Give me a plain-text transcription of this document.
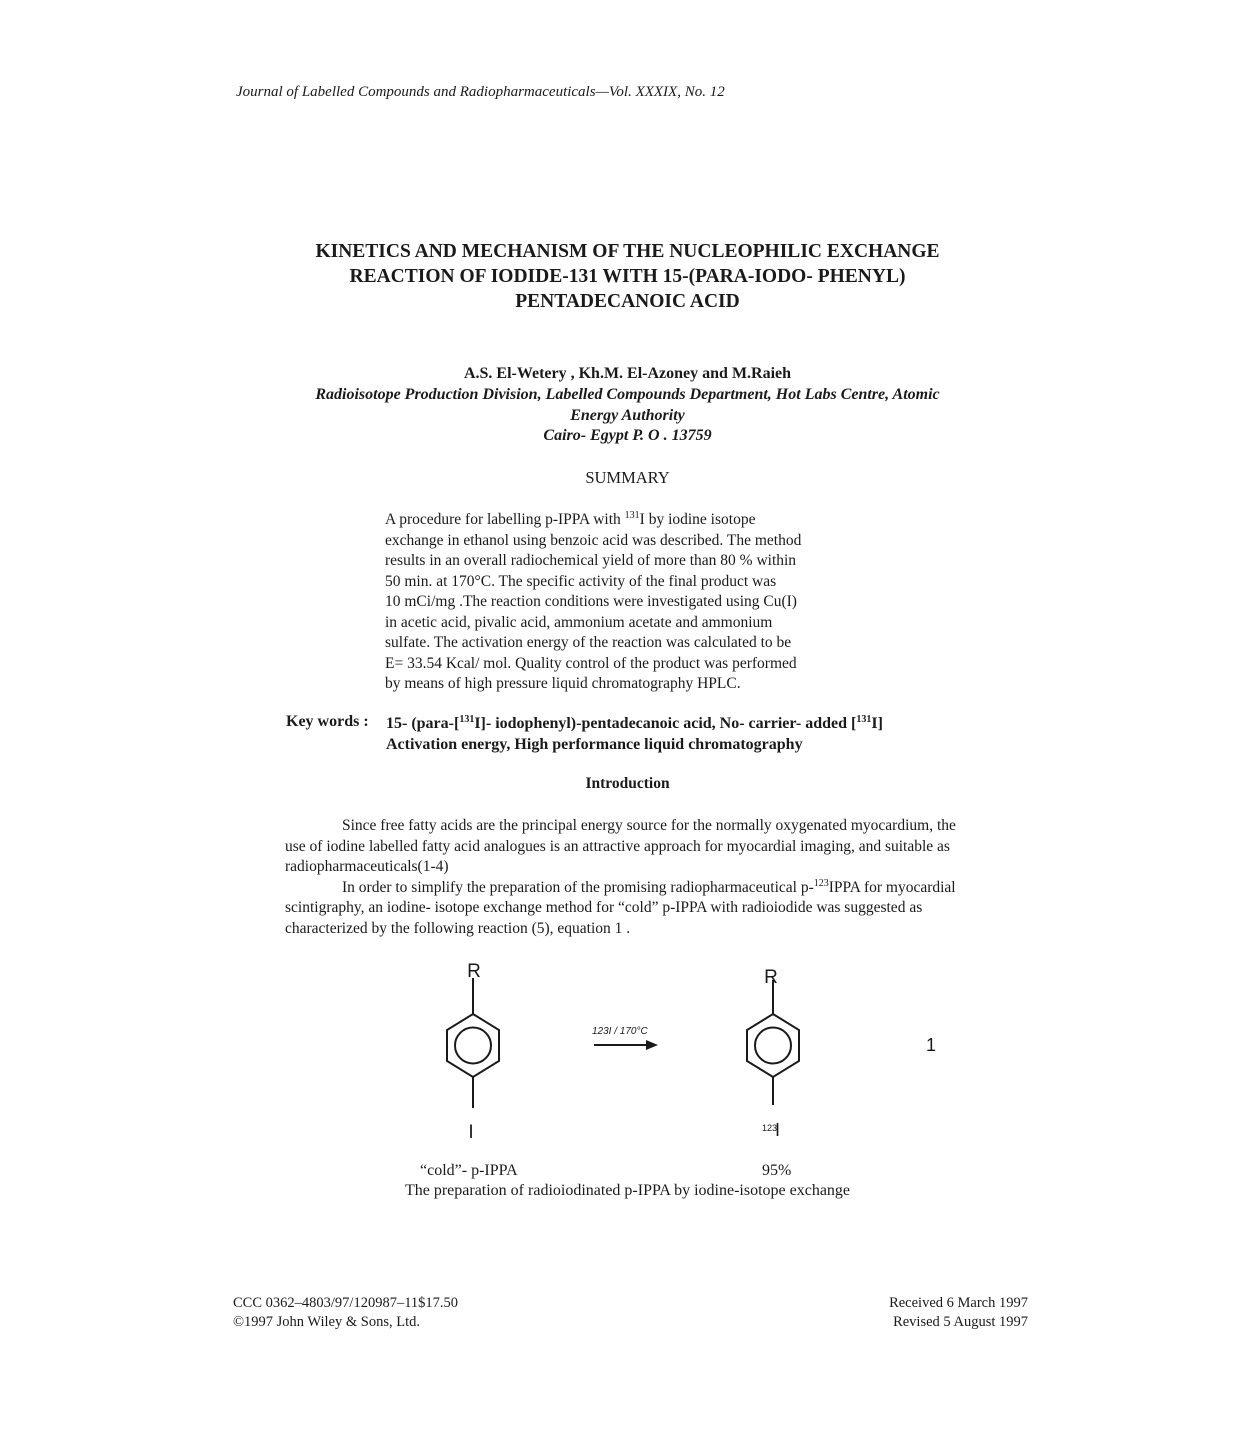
Journal of Labelled Compounds and Radiopharmaceuticals—Vol. XXXIX, No. 12
KINETICS AND MECHANISM OF THE NUCLEOPHILIC EXCHANGE
REACTION OF IODIDE-131 WITH 15-(PARA-IODO- PHENYL)
PENTADECANOIC ACID
A.S. El-Wetery , Kh.M. El-Azoney and M.Raieh
Radioisotope Production Division, Labelled Compounds Department, Hot Labs Centre, Atomic
Energy Authority
Cairo- Egypt P. O . 13759
SUMMARY
A procedure for labelling p-IPPA with $^{131}$I by iodine isotope
exchange in ethanol using benzoic acid was described. The method
results in an overall radiochemical yield of more than 80 % within
50 min. at 170°C. The specific activity of the final product was
10 mCi/mg .The reaction conditions were investigated using Cu(I)
in acetic acid, pivalic acid, ammonium acetate and ammonium
sulfate. The activation energy of the reaction was calculated to be
E= 33.54 Kcal/ mol. Quality control of the product was performed
by means of high pressure liquid chromatography HPLC.
Key words : 15- (para-[$^{131}$I]- iodophenyl)-pentadecanoic acid, No- carrier- added [$^{131}$I]
Activation energy, High performance liquid chromatography
Introduction
Since free fatty acids are the principal energy source for the normally oxygenated myocardium, the use of iodine labelled fatty acid analogues is an attractive approach for myocardial imaging, and suitable as radiopharmaceuticals(1-4)
In order to simplify the preparation of the promising radiopharmaceutical p-$^{123}$IPPA for myocardial scintigraphy, an iodine- isotope exchange method for “cold” p-IPPA with radioiodide was suggested as characterized by the following reaction (5), equation 1 .
R
I
123I / 170°C
R
123
I
1
“cold”- p-IPPA	95%
The preparation of radioiodinated p-IPPA by iodine-isotope exchange
CCC 0362–4803/97/120987–11$17.50
©1997 John Wiley & Sons, Ltd.
Received 6 March 1997
Revised 5 August 1997
